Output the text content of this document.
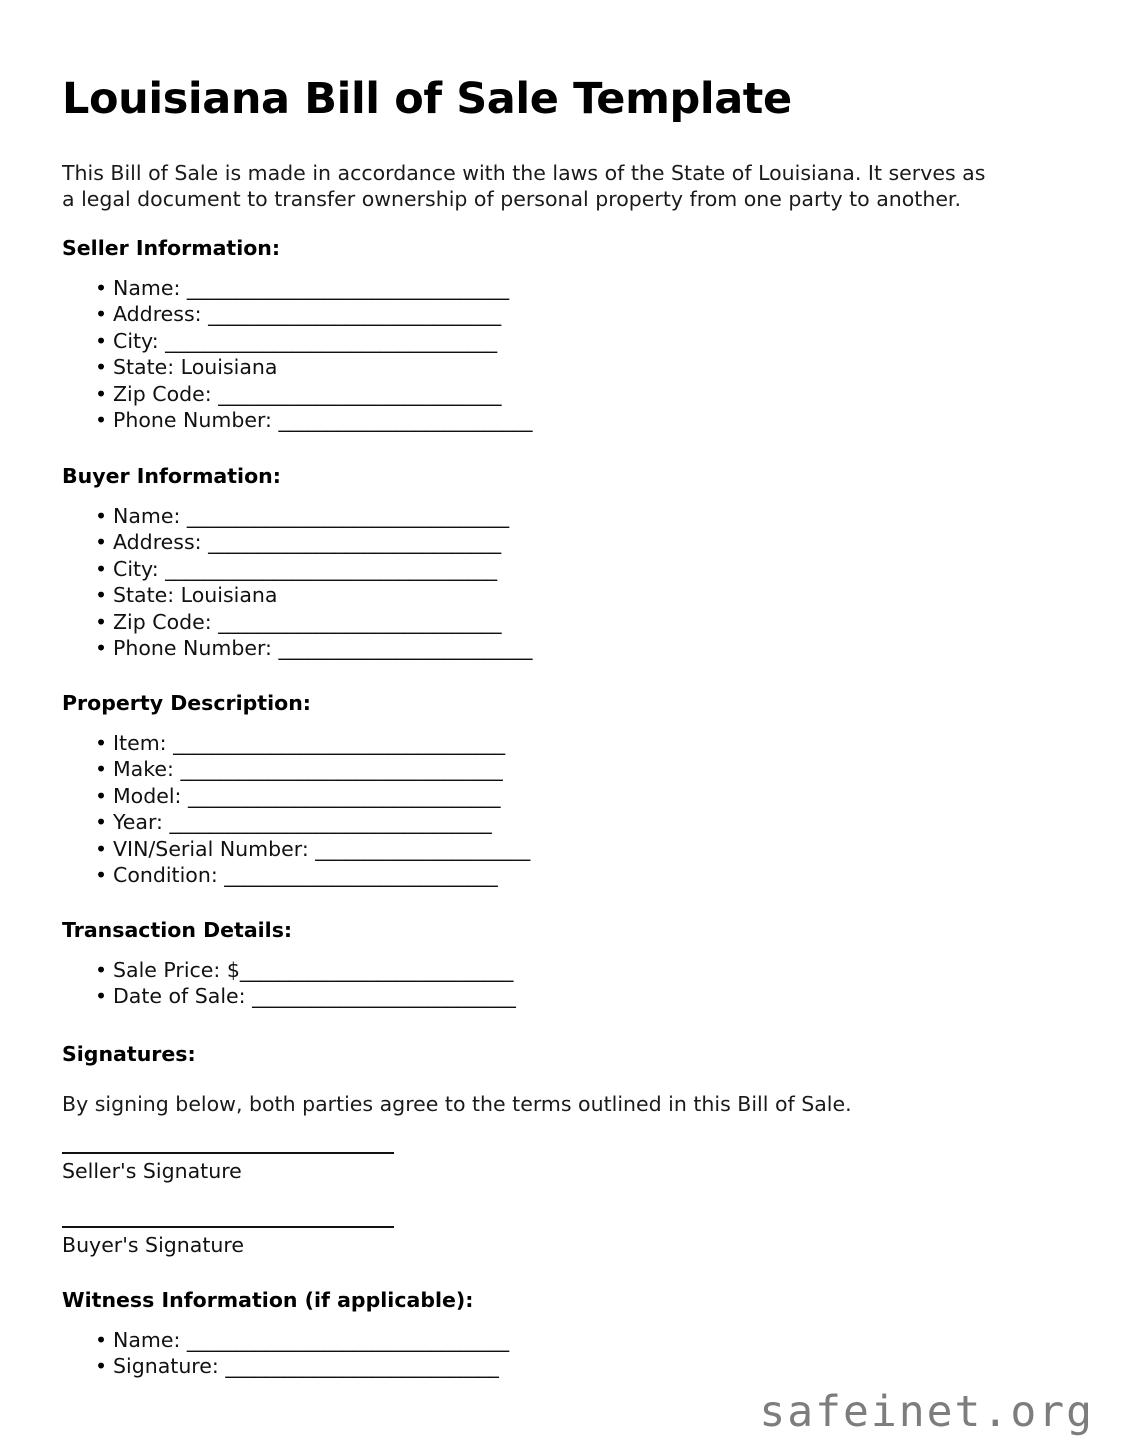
Louisiana Bill of Sale Template
This Bill of Sale is made in accordance with the laws of the State of Louisiana. It serves as
a legal document to transfer ownership of personal property from one party to another.
Seller Information:
• Name: _________________________________
• Address: ______________________________
• City: __________________________________
• State: Louisiana
• Zip Code: _____________________________
• Phone Number: __________________________
Buyer Information:
• Name: _________________________________
• Address: ______________________________
• City: __________________________________
• State: Louisiana
• Zip Code: _____________________________
• Phone Number: __________________________
Property Description:
• Item: __________________________________
• Make: _________________________________
• Model: ________________________________
• Year: _________________________________
• VIN/Serial Number: ______________________
• Condition: ____________________________
Transaction Details:
• Sale Price: $____________________________
• Date of Sale: ___________________________
Signatures:
By signing below, both parties agree to the terms outlined in this Bill of Sale.
Seller's Signature
Buyer's Signature
Witness Information (if applicable):
• Name: _________________________________
• Signature: ____________________________
safeinet.org
